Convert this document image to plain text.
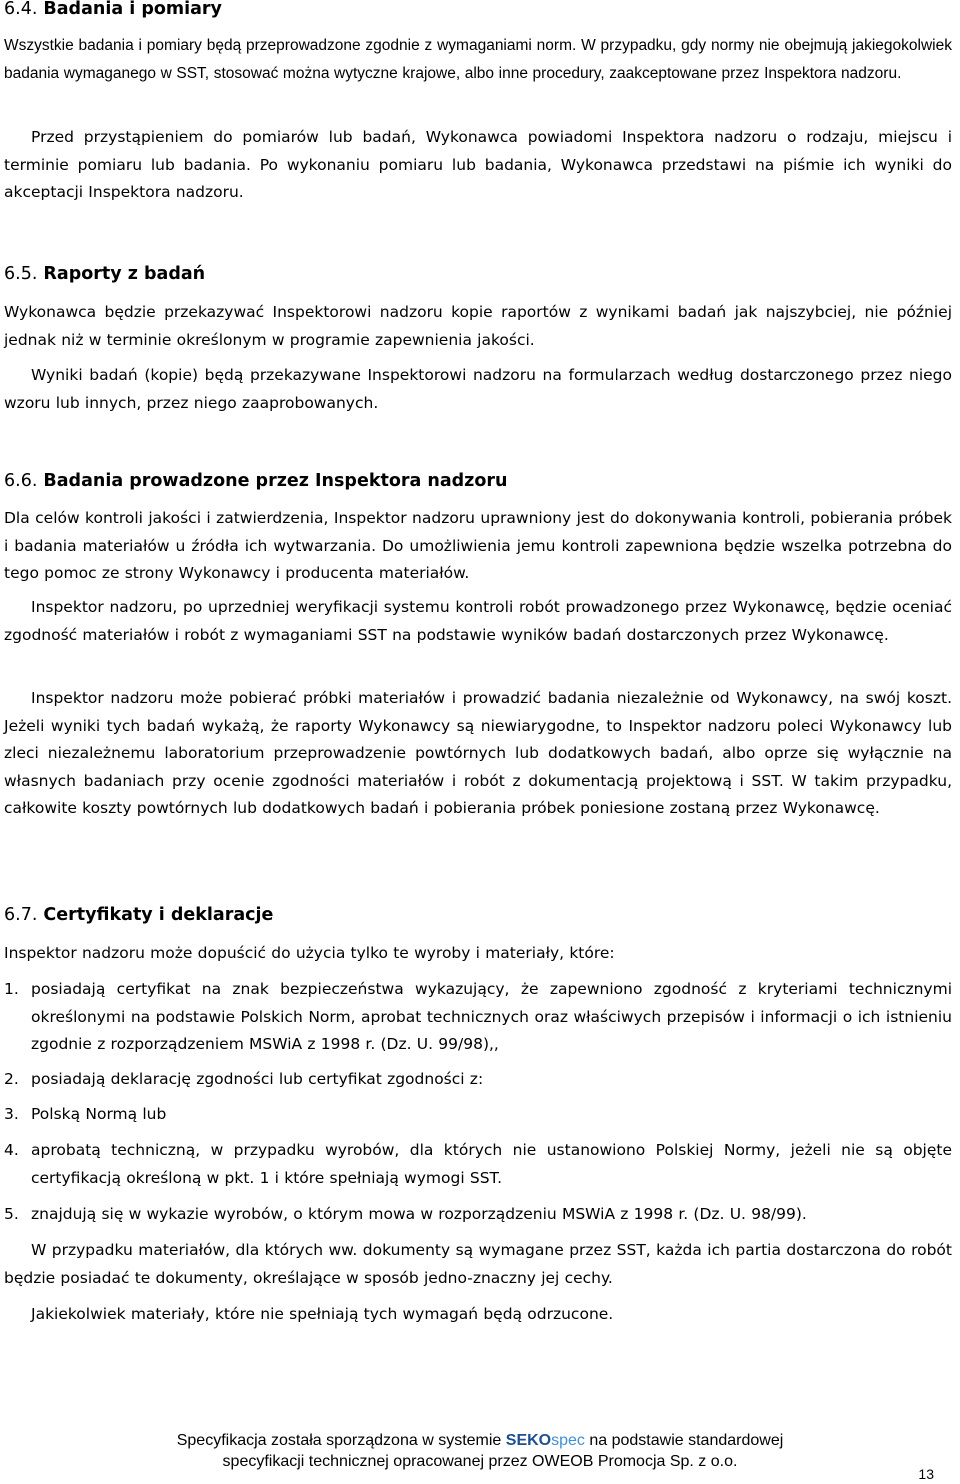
6.4. Badania i pomiary
Wszystkie badania i pomiary będą przeprowadzone zgodnie z wymaganiami norm. W przypadku, gdy normy nie obejmują jakiegokolwiek badania wymaganego w SST, stosować można wytyczne krajowe, albo inne procedury, zaakceptowane przez Inspektora nadzoru.
Przed przystąpieniem do pomiarów lub badań, Wykonawca powiadomi Inspektora nadzoru o rodzaju, miejscu i terminie pomiaru lub badania. Po wykonaniu pomiaru lub badania, Wykonawca przedstawi na piśmie ich wyniki do akceptacji Inspektora nadzoru.
6.5. Raporty z badań
Wykonawca będzie przekazywać Inspektorowi nadzoru kopie raportów z wynikami badań jak najszybciej, nie później jednak niż w terminie określonym w programie zapewnienia jakości.
Wyniki badań (kopie) będą przekazywane Inspektorowi nadzoru na formularzach według dostarczonego przez niego wzoru lub innych, przez niego zaaprobowanych.
6.6. Badania prowadzone przez Inspektora nadzoru
Dla celów kontroli jakości i zatwierdzenia, Inspektor nadzoru uprawniony jest do dokonywania kontroli, pobierania próbek i badania materiałów u źródła ich wytwarzania. Do umożliwienia jemu kontroli zapewniona będzie wszelka potrzebna do tego pomoc ze strony Wykonawcy i producenta materiałów.
Inspektor nadzoru, po uprzedniej weryfikacji systemu kontroli robót prowadzonego przez Wykonawcę, będzie oceniać zgodność materiałów i robót z wymaganiami SST na podstawie wyników badań dostarczonych przez Wykonawcę.
Inspektor nadzoru może pobierać próbki materiałów i prowadzić badania niezależnie od Wykonawcy, na swój koszt. Jeżeli wyniki tych badań wykażą, że raporty Wykonawcy są niewiarygodne, to Inspektor nadzoru poleci Wykonawcy lub zleci niezależnemu laboratorium przeprowadzenie powtórnych lub dodatkowych badań, albo oprze się wyłącznie na własnych badaniach przy ocenie zgodności materiałów i robót z dokumentacją projektową i SST. W takim przypadku, całkowite koszty powtórnych lub dodatkowych badań i pobierania próbek poniesione zostaną przez Wykonawcę.
6.7. Certyfikaty i deklaracje
Inspektor nadzoru może dopuścić do użycia tylko te wyroby i materiały, które:
1. posiadają certyfikat na znak bezpieczeństwa wykazujący, że zapewniono zgodność z kryteriami technicznymi określonymi na podstawie Polskich Norm, aprobat technicznych oraz właściwych przepisów i informacji o ich istnieniu zgodnie z rozporządzeniem MSWiA z 1998 r. (Dz. U. 99/98),,
2. posiadają deklarację zgodności lub certyfikat zgodności z:
3. Polską Normą lub
4. aprobatą techniczną, w przypadku wyrobów, dla których nie ustanowiono Polskiej Normy, jeżeli nie są objęte certyfikacją określoną w pkt. 1 i które spełniają wymogi SST.
5. znajdują się w wykazie wyrobów, o którym mowa w rozporządzeniu MSWiA z 1998 r. (Dz. U. 98/99).
W przypadku materiałów, dla których ww. dokumenty są wymagane przez SST, każda ich partia dostarczona do robót będzie posiadać te dokumenty, określające w sposób jedno-znaczny jej cechy.
Jakiekolwiek materiały, które nie spełniają tych wymagań będą odrzucone.
Specyfikacja została sporządzona w systemie SEKOspec na podstawie standardowej
specyfikacji technicznej opracowanej przez OWEOB Promocja Sp. z o.o.
13
